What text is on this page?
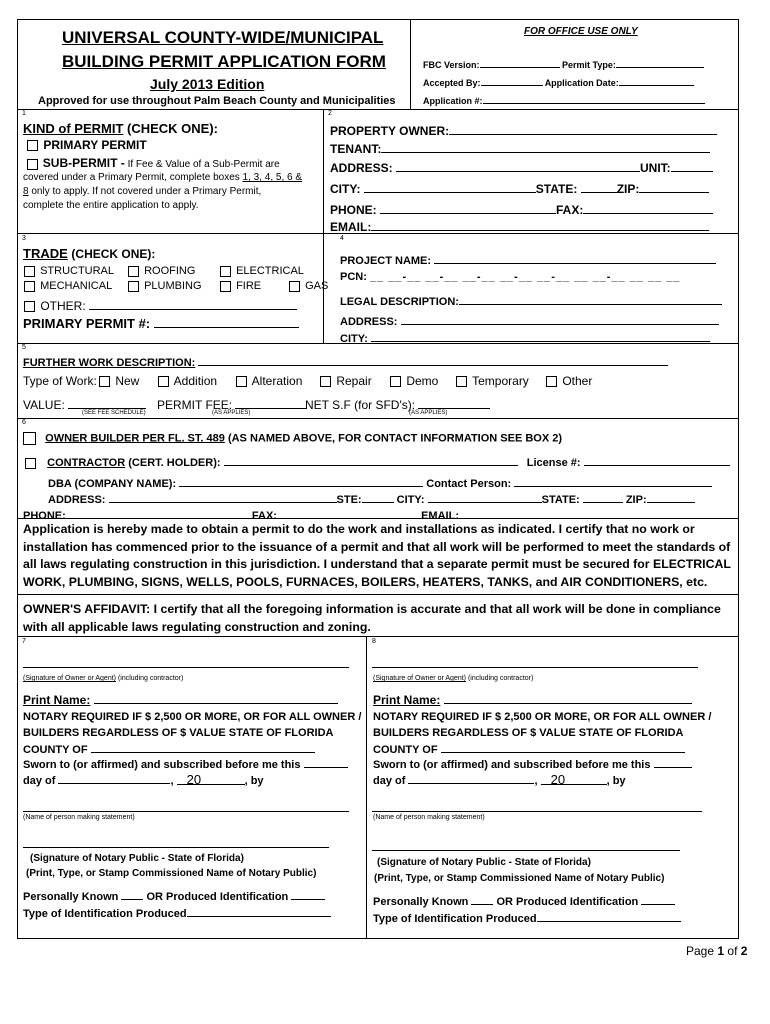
UNIVERSAL COUNTY-WIDE/MUNICIPAL
BUILDING PERMIT APPLICATION FORM
July 2013 Edition
Approved for use throughout Palm Beach County and Municipalities
FOR OFFICE USE ONLY
FBC Version:	Permit Type:
Accepted By:	Application Date:
Application #:
1
KIND of PERMIT (CHECK ONE):
PRIMARY PERMIT
SUB-PERMIT - If Fee & Value of a Sub-Permit are
covered under a Primary Permit, complete boxes 1, 3, 4, 5, 6 &
8 only to apply. If not covered under a Primary Permit,
complete the entire application to apply.
2
PROPERTY OWNER:
TENANT:
ADDRESS:	UNIT:
CITY:	STATE:	ZIP:
PHONE:	FAX:
EMAIL:
3
TRADE (CHECK ONE):
STRUCTURAL	ROOFING	ELECTRICAL
MECHANICAL	PLUMBING	FIRE	GAS
OTHER:
PRIMARY PERMIT #:
4
PROJECT NAME:
PCN: __ __-__ __-__ __-__ __-__ __-__ __ __-__ __ __ __
LEGAL DESCRIPTION:
ADDRESS:
CITY:
5
FURTHER WORK DESCRIPTION:
Type of Work:	New	Addition	Alteration	Repair	Demo	Temporary	Other
VALUE:	PERMIT FEE:	NET S.F (for SFD's):
(SEE FEE SCHEDULE)	(AS APPLIES)	(AS APPLIES)
6
OWNER BUILDER PER FL. ST. 489 (AS NAMED ABOVE, FOR CONTACT INFORMATION SEE BOX 2)
CONTRACTOR (CERT. HOLDER):	License #:
DBA (COMPANY NAME):	Contact Person:
ADDRESS:	STE:	CITY:	STATE:	ZIP:
PHONE:	FAX:	EMAIL:
Application is hereby made to obtain a permit to do the work and installations as indicated. I certify that no work or
installation has commenced prior to the issuance of a permit and that all work will be performed to meet the standards of
all laws regulating construction in this jurisdiction. I understand that a separate permit must be secured for ELECTRICAL
WORK, PLUMBING, SIGNS, WELLS, POOLS, FURNACES, BOILERS, HEATERS, TANKS, and AIR CONDITIONERS, etc.
OWNER'S AFFIDAVIT: I certify that all the foregoing information is accurate and that all work will be done in compliance
with all applicable laws regulating construction and zoning.
7
(Signature of Owner or Agent) (including contractor)
Print Name:
NOTARY REQUIRED IF $ 2,500 OR MORE, OR FOR ALL OWNER /
BUILDERS REGARDLESS OF $ VALUE STATE OF FLORIDA
COUNTY OF
Sworn to (or affirmed) and subscribed before me this
day of	, 20	, by
(Name of person making statement)
(Signature of Notary Public - State of Florida)
(Print, Type, or Stamp Commissioned Name of Notary Public)
Personally Known	OR Produced Identification
Type of Identification Produced
8
(Signature of Owner or Agent) (including contractor)
Print Name:
NOTARY REQUIRED IF $ 2,500 OR MORE, OR FOR ALL OWNER /
BUILDERS REGARDLESS OF $ VALUE STATE OF FLORIDA
COUNTY OF
Sworn to (or affirmed) and subscribed before me this
day of	, 20	, by
(Name of person making statement)
(Signature of Notary Public - State of Florida)
(Print, Type, or Stamp Commissioned Name of Notary Public)
Personally Known	OR Produced Identification
Type of Identification Produced
Page 1 of 2
